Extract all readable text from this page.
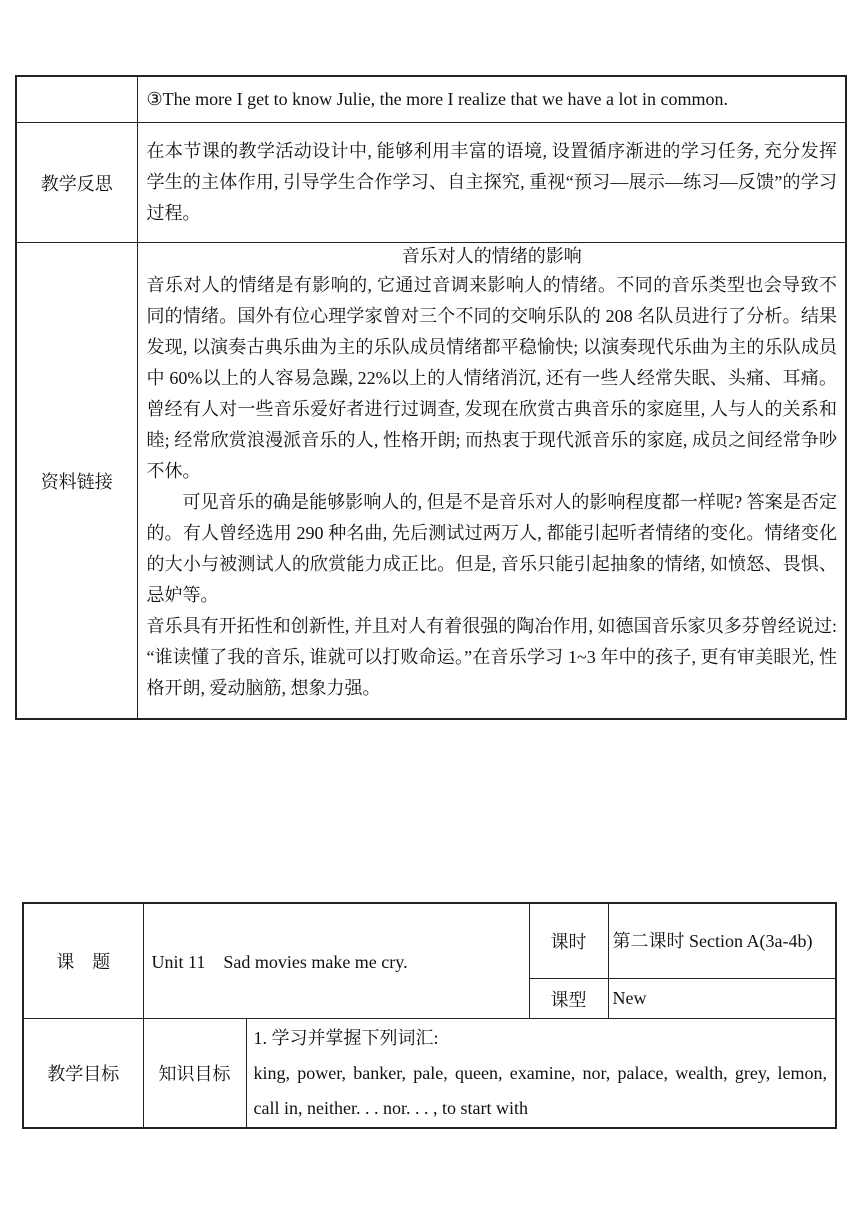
	③The more I get to know Julie, the more I realize that we have a lot in common.
教学反思	在本节课的教学活动设计中, 能够利用丰富的语境, 设置循序渐进的学习任务, 充分发挥学生的主体作用, 引导学生合作学习、自主探究, 重视“预习—展示—练习—反馈”的学习过程。
资料链接	音乐对人的情绪的影响

音乐对人的情绪是有影响的, 它通过音调来影响人的情绪。不同的音乐类型也会导致不同的情绪。国外有位心理学家曾对三个不同的交响乐队的 208 名队员进行了分析。结果发现, 以演奏古典乐曲为主的乐队成员情绪都平稳愉快; 以演奏现代乐曲为主的乐队成员中 60%以上的人容易急躁, 22%以上的人情绪消沉, 还有一些人经常失眠、头痛、耳痛。曾经有人对一些音乐爱好者进行过调查, 发现在欣赏古典音乐的家庭里, 人与人的关系和睦; 经常欣赏浪漫派音乐的人, 性格开朗; 而热衷于现代派音乐的家庭, 成员之间经常争吵不休。

可见音乐的确是能够影响人的, 但是不是音乐对人的影响程度都一样呢? 答案是否定的。有人曾经选用 290 种名曲, 先后测试过两万人, 都能引起听者情绪的变化。情绪变化的大小与被测试人的欣赏能力成正比。但是, 音乐只能引起抽象的情绪, 如愤怒、畏惧、忌妒等。

音乐具有开拓性和创新性, 并且对人有着很强的陶冶作用, 如德国音乐家贝多芬曾经说过: “谁读懂了我的音乐, 谁就可以打败命运。”在音乐学习 1~3 年中的孩子, 更有审美眼光, 性格开朗, 爱动脑筋, 想象力强。

课　题	Unit 11　Sad movies make me cry.		课时	第二课时 Section A(3a-4b)
			课型	New
教学目标	知识目标	1. 学习并掌握下列词汇:
king, power, banker, pale, queen, examine, nor, palace, wealth, grey, lemon, call in, neither. . . nor. . . , to start with		
